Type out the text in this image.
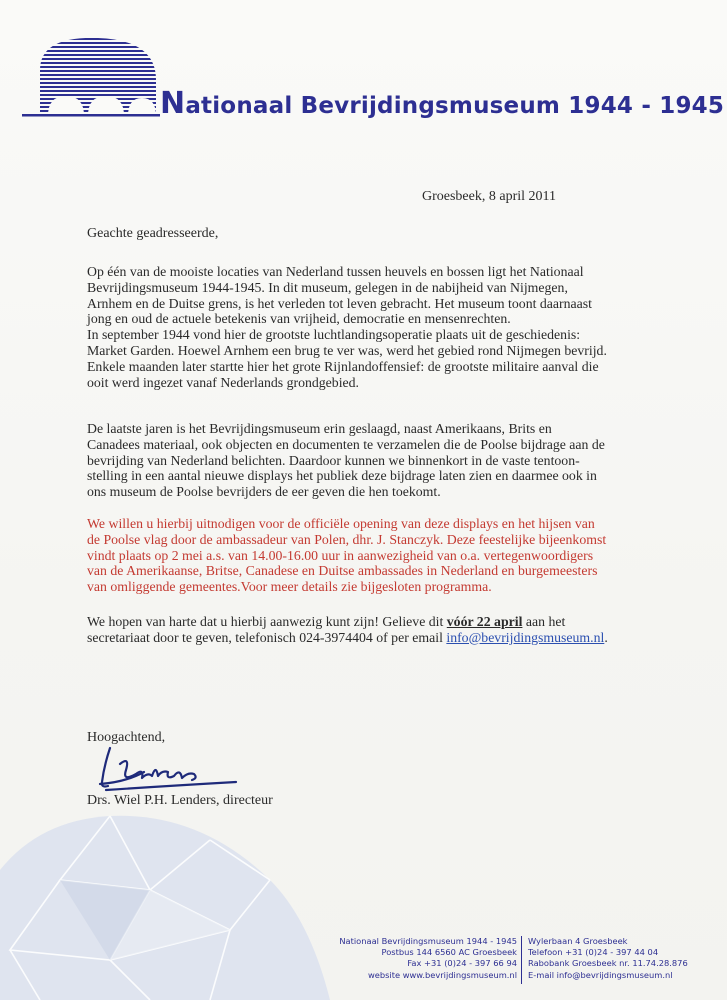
Nationaal Bevrijdingsmuseum 1944 - 1945
Groesbeek, 8 april 2011
Geachte geadresseerde,

Op één van de mooiste locaties van Nederland tussen heuvels en bossen ligt het Nationaal
Bevrijdingsmuseum 1944-1945. In dit museum, gelegen in de nabijheid van Nijmegen,
Arnhem en de Duitse grens, is het verleden tot leven gebracht. Het museum toont daarnaast
jong en oud de actuele betekenis van vrijheid, democratie en mensenrechten.
In september 1944 vond hier de grootste luchtlandingsoperatie plaats uit de geschiedenis:
Market Garden. Hoewel Arnhem een brug te ver was, werd het gebied rond Nijmegen bevrijd.
Enkele maanden later startte hier het grote Rijnlandoffensief: de grootste militaire aanval die
ooit werd ingezet vanaf Nederlands grondgebied.

De laatste jaren is het Bevrijdingsmuseum erin geslaagd, naast Amerikaans, Brits en
Canadees materiaal, ook objecten en documenten te verzamelen die de Poolse bijdrage aan de
bevrijding van Nederland belichten. Daardoor kunnen we binnenkort in de vaste tentoon-
stelling in een aantal nieuwe displays het publiek deze bijdrage laten zien en daarmee ook in
ons museum de Poolse bevrijders de eer geven die hen toekomt.

We willen u hierbij uitnodigen voor de officiële opening van deze displays en het hijsen van
de Poolse vlag door de ambassadeur van Polen, dhr. J. Stanczyk. Deze feestelijke bijeenkomst
vindt plaats op 2 mei a.s. van 14.00-16.00 uur in aanwezigheid van o.a. vertegenwoordigers
van de Amerikaanse, Britse, Canadese en Duitse ambassades in Nederland en burgemeesters
van omliggende gemeentes.Voor meer details zie bijgesloten programma.

We hopen van harte dat u hierbij aanwezig kunt zijn! Gelieve dit vóór 22 april aan het
secretariaat door te geven, telefonisch 024-3974404 of per email info@bevrijdingsmuseum.nl.

Hoogachtend,
Drs. Wiel P.H. Lenders, directeur
Nationaal Bevrijdingsmuseum 1944 - 1945
Postbus 144 6560 AC Groesbeek
Fax +31 (0)24 - 397 66 94
website www.bevrijdingsmuseum.nl
Wylerbaan 4 Groesbeek
Telefoon +31 (0)24 - 397 44 04
Rabobank Groesbeek nr. 11.74.28.876
E-mail info@bevrijdingsmuseum.nl
